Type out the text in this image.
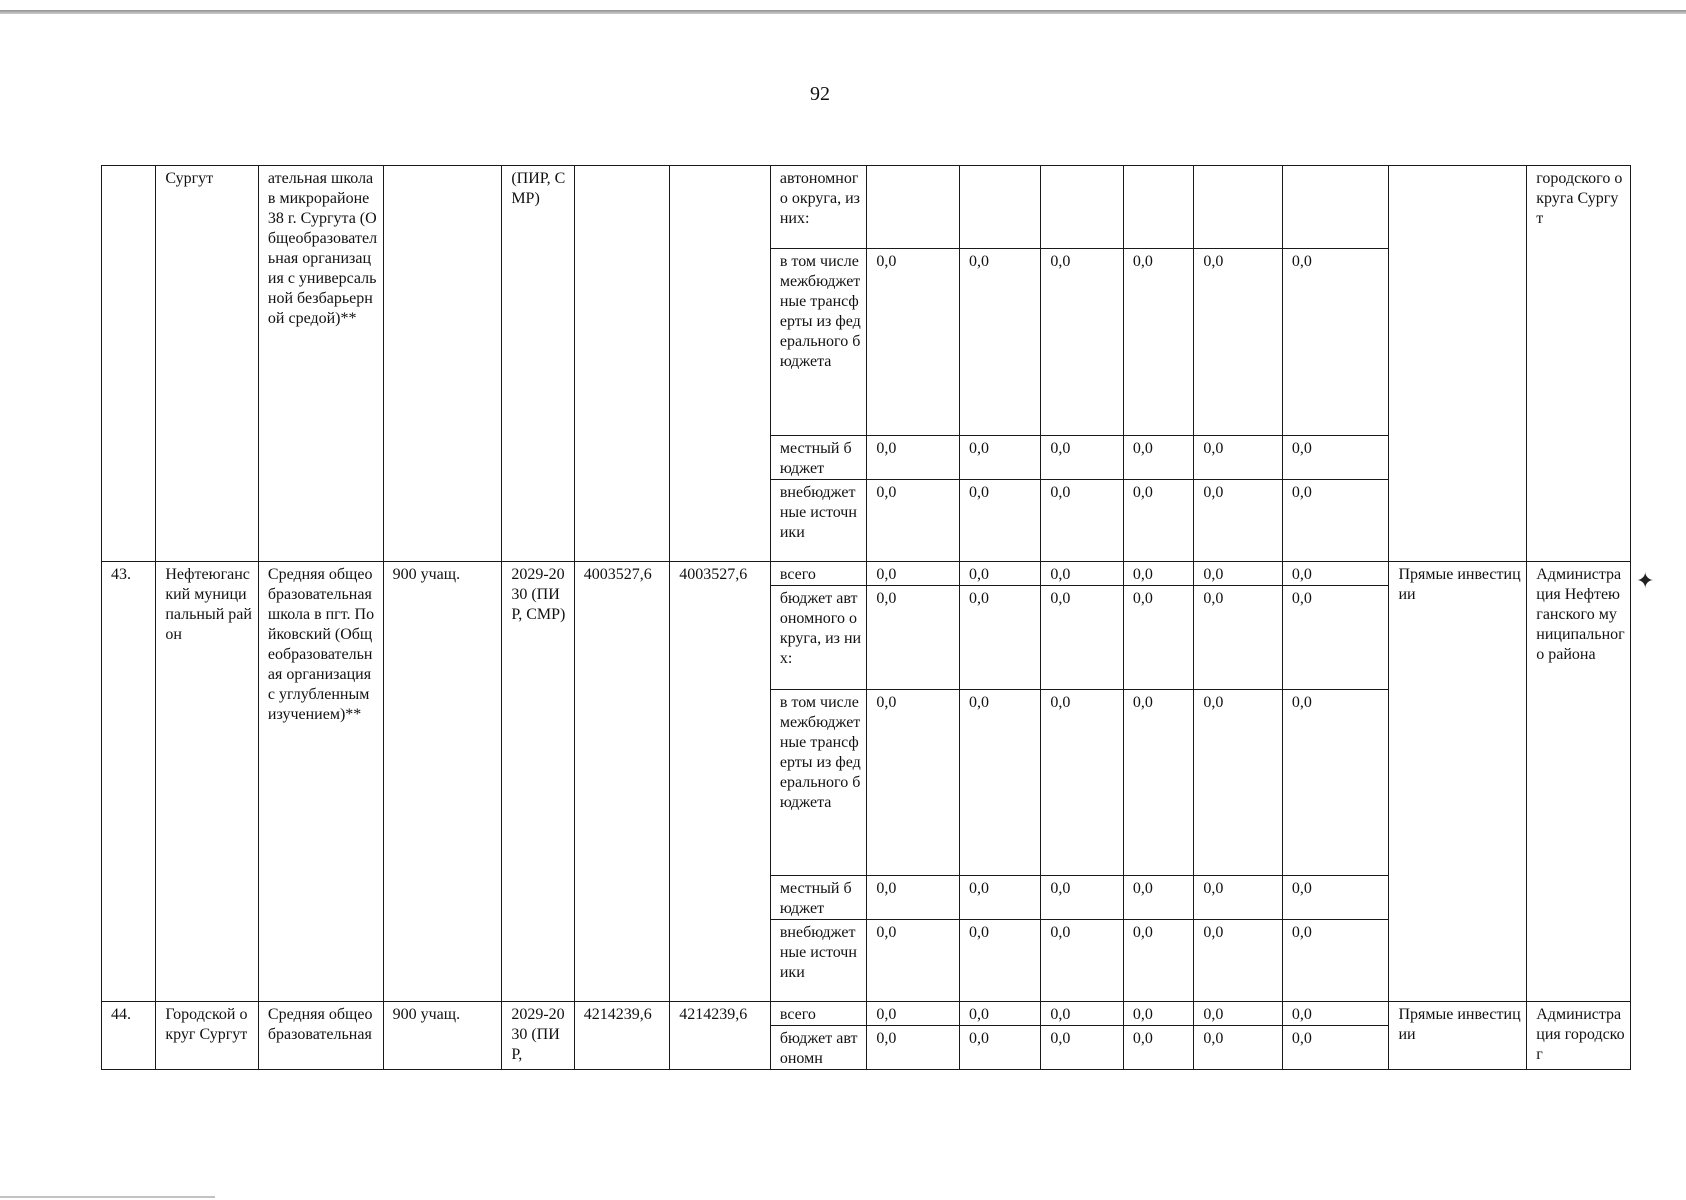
92
	Сургут	ательная школа в микрорайоне 38 г. Сургута (Общеобразовательная организация с универсальной безбарьерной средой)**		(ПИР, СМР)			автономного округа, из них:								городского округа Сургут
							в том числе межбюджетные трансферты из федерального бюджета	0,0	0,0	0,0	0,0	0,0	0,0		
							местный бюджет	0,0	0,0	0,0	0,0	0,0	0,0		
							внебюджетные источники	0,0	0,0	0,0	0,0	0,0	0,0		
43.	Нефтеюганский муниципальный район	Средняя общеобразовательная школа в пгт. Пойковский (Общеобразовательная организация с углубленным изучением)**	900 учащ.	2029-2030 (ПИР, СМР)	4003527,6	4003527,6	всего	0,0	0,0	0,0	0,0	0,0	0,0	Прямые инвестиции	Администрация Нефтеюганского муниципального района
							бюджет автономного округа, из них:	0,0	0,0	0,0	0,0	0,0	0,0		
							в том числе межбюджетные трансферты из федерального бюджета	0,0	0,0	0,0	0,0	0,0	0,0		
							местный бюджет	0,0	0,0	0,0	0,0	0,0	0,0		
							внебюджетные источники	0,0	0,0	0,0	0,0	0,0	0,0		
44.	Городской округ Сургут	Средняя общеобразовательная	900 учащ.	2029-2030 (ПИР,	4214239,6	4214239,6	всего	0,0	0,0	0,0	0,0	0,0	0,0	Прямые инвестиции	Администрация городског
							бюджет автономн	0,0	0,0	0,0	0,0	0,0	0,0		
✦
